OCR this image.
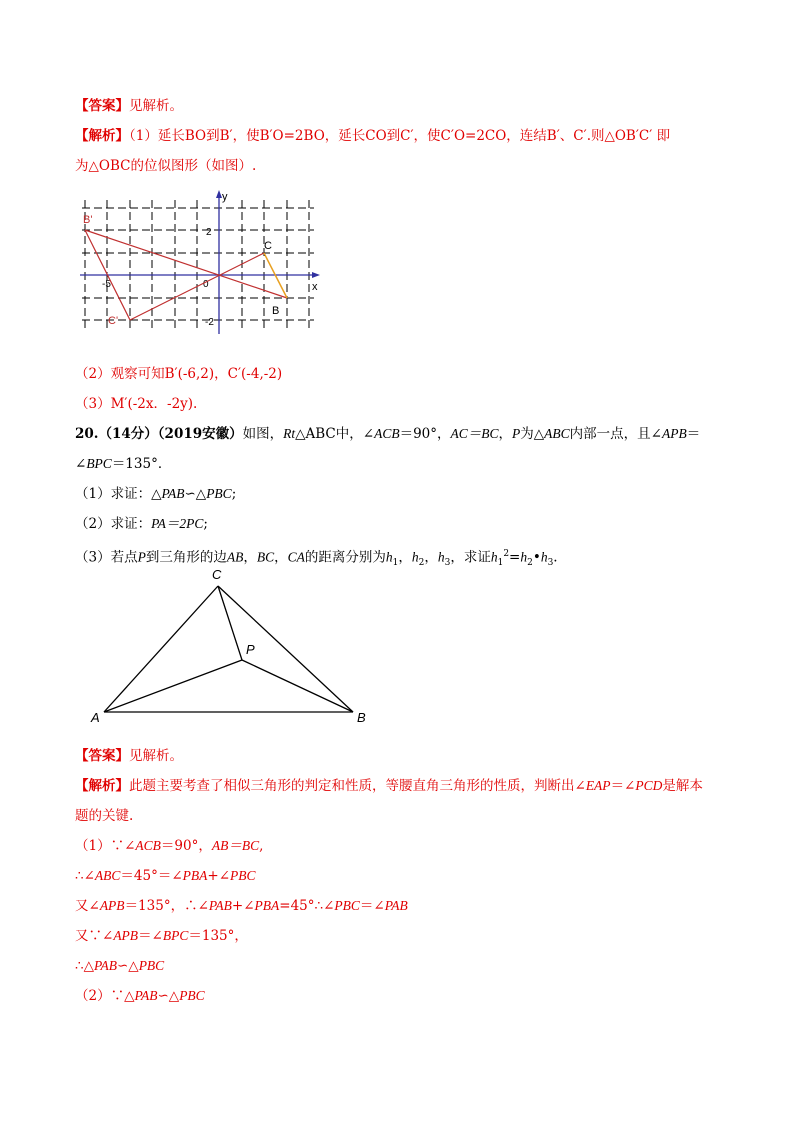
【答案】见解析。
【解析】（1）延长BO到B′，使B′O=2BO，延长CO到C′，使C′O=2CO，连结B′、C′.则△OB′C′ 即
为△OBC的位似图形（如图）.
y
x
2
-2
-5	0
B'
C'
C
B
（2）观察可知B′(-6,2)，C′(-4,-2)
（3）M′(-2x．-2y).
20.（14分）（2019安徽）如图，Rt△ABC中，∠ACB＝90°，AC＝BC，P为△ABC内部一点，且∠APB＝
∠BPC＝135°．
（1）求证：△PAB∽△PBC;
（2）求证：PA＝2PC;
（3）若点P到三角形的边AB，BC，CA的距离分别为$h_1$，$h_2$，$h_3$，求证$h_1^2=h_2•h_3$.
C
P
A	B
【答案】见解析。
【解析】此题主要考查了相似三角形的判定和性质，等腰直角三角形的性质，判断出∠EAP＝∠PCD是解本
题的关键.
（1）∵∠ACB＝90°，AB＝BC,
∴∠ABC＝45°＝∠PBA+∠PBC
又∠APB＝135°，∴∠PAB+∠PBA=45°∴∠PBC＝∠PAB
又∵∠APB＝∠BPC＝135°，
∴△PAB∽△PBC
（2）∵△PAB∽△PBC
